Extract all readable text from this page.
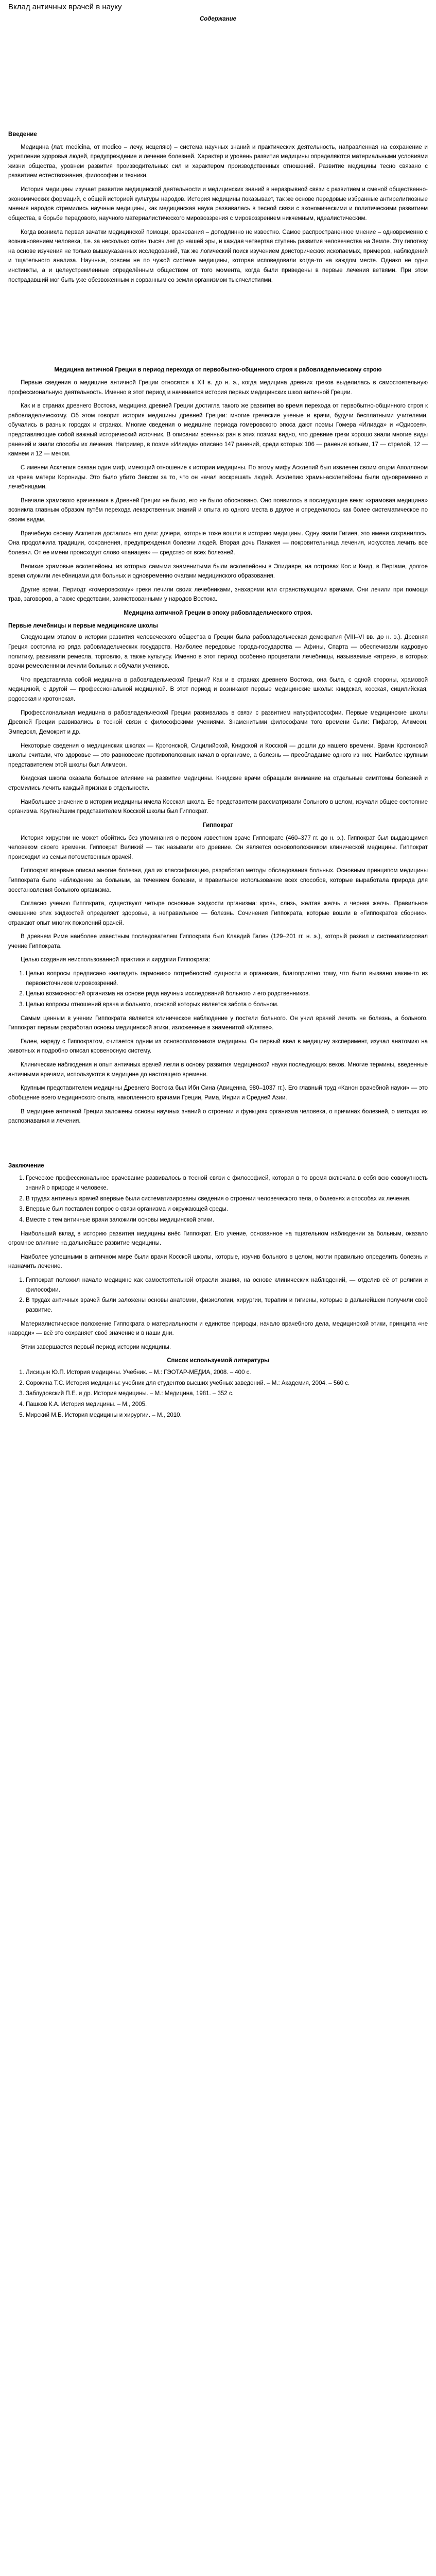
Вклад античных врачей в науку
Содержание
Введение

Медицина (лат. medicina, от medico – лечу, исцеляю) – система научных знаний и практических деятельность, направленная на сохранение и укрепление здоровья людей, предупреждение и лечение болезней. Характер и уровень развития медицины определяются материальными условиями жизни общества, уровнем развития производительных сил и характером производственных отношений. Развитие медицины тесно связано с развитием естествознания, философии и техники.

История медицины изучает развитие медицинской деятельности и медицинских знаний в неразрывной связи с развитием и сменой общественно-экономических формаций, с общей историей культуры народов. История медицины показывает, так же основе передовые избранные антирелигиозные мнения народов стремились научные медицины, как медицинская наука развивалась в тесной связи с экономическими и политическими развитием общества, в борьбе передового, научного материалистического мировоззрения с мировоззрением никчемным, идеалистическим.

Когда возникла первая зачатки медицинской помощи, врачевания – доподлинно не известно. Самое распространенное мнение – одновременно с возникновением человека, т.е. за несколько сотен тысяч лет до нашей эры, и каждая четвертая ступень развития человечества на Земле. Эту гипотезу на основе изучения не только вышеуказанных исследований, так же логический поиск изучением доисторических ископаемых, примеров, наблюдений и тщательного анализа. Научные, совсем не по чужой системе медицины, которая исповедовали когда-то на каждом месте. Однако не одни инстинкты, а и целеустремленные определённым обществом от того момента, когда были приведены в первые лечения ветвями. При этом пострадавший мог быть уже обезвоженным и сорванным со земли организмом тысячелетиями.

Медицина античной Греции в период перехода от первобытно-общинного строя к рабовладельческому строю

Первые сведения о медицине античной Греции относятся к XII в. до н. э., когда медицина древних греков выделилась в самостоятельную профессиональную деятельность. Именно в этот период и начинается история первых медицинских школ античной Греции.

Как и в странах древнего Востока, медицина древней Греции достигла такого же развития во время перехода от первобытно-общинного строя к рабовладельческому. Об этом говорит история медицины древней Греции: многие греческие ученые и врачи, будучи бесплатными учителями, обучались в разных городах и странах. Многие сведения о медицине периода гомеровского эпоса дают поэмы Гомера «Илиада» и «Одиссея», представляющие собой важный исторический источник. В описании военных ран в этих поэмах видно, что древние греки хорошо знали многие виды ранений и знали способы их лечения. Например, в поэме «Илиада» описано 147 ранений, среди которых 106 — ранения копьем, 17 — стрелой, 12 — камнем и 12 — мечом.

С именем Асклепия связан один миф, имеющий отношение к истории медицины. По этому мифу Асклепий был извлечен своим отцом Аполлоном из чрева матери Корониды. Это было убито Зевсом за то, что он начал воскрешать людей. Асклепию храмы-асклепейоны были одновременно и лечебницами.

Вначале храмового врачевания в Древней Греции не было, его не было обосновано. Оно появилось в последующие века: «храмовая медицина» возникла главным образом путём перехода лекарственных знаний и опыта из одного места в другое и определилось как более систематическое по своим видам.

Врачебную своему Асклепия достались его дети: дочери, которые тоже вошли в историю медицины. Одну звали Гигиея, это имени сохранилось. Она продолжила традиции, сохранения, предупреждения болезни людей. Вторая дочь Панакея — покровительница лечения, искусства лечить все болезни. От ее имени происходит слово «панацея» — средство от всех болезней.

Великие храмовые асклепейоны, из которых самыми знаменитыми были асклепейоны в Эпидавре, на островах Кос и Книд, в Пергаме, долгое время служили лечебницами для больных и одновременно очагами медицинского образования.

Другие врачи, Периодт «гомеровскому» греки лечили своих лечебниками, знахарями или странствующими врачами. Они лечили при помощи трав, заговоров, а также средствами, заимствованными у народов Востока.

Медицина античной Греции в эпоху рабовладельческого строя.
Первые лечебницы и первые медицинские школы

Следующим этапом в истории развития человеческого общества в Греции была рабовладельческая демократия (VIII–VI вв. до н. э.). Древняя Греция состояла из ряда рабовладельческих государств. Наиболее передовые города-государства — Афины, Спарта — обеспечивали кадровую политику, развивали ремесла, торговлю, а также культуру. Именно в этот период особенно процветали лечебницы, называемые «ятреи», в которых врачи ремесленники лечили больных и обучали учеников.

Что представляла собой медицина в рабовладельческой Греции? Как и в странах древнего Востока, она была, с одной стороны, храмовой медициной, с другой — профессиональной медициной. В этот период и возникают первые медицинские школы: книдская, косская, сицилийская, родосская и кротонская.

Профессиональная медицина в рабовладельческой Греции развивалась в связи с развитием натурфилософии. Первые медицинские школы Древней Греции развивались в тесной связи с философскими учениями. Знаменитыми философами того времени были: Пифагор, Алкмеон, Эмпедокл, Демокрит и др.

Некоторые сведения о медицинских школах — Кротонской, Сицилийской, Книдской и Косской — дошли до нашего времени. Врачи Кротонской школы считали, что здоровье — это равновесие противоположных начал в организме, а болезнь — преобладание одного из них. Наиболее крупным представителем этой школы был Алкмеон.

Книдская школа оказала большое влияние на развитие медицины. Книдские врачи обращали внимание на отдельные симптомы болезней и стремились лечить каждый признак в отдельности.

Наибольшее значение в истории медицины имела Косская школа. Ее представители рассматривали больного в целом, изучали общее состояние организма. Крупнейшим представителем Косской школы был Гиппократ.

Гиппократ

История хирургии не может обойтись без упоминания о первом известном враче Гиппократе (460–377 гг. до н. э.). Гиппократ был выдающимся человеком своего времени. Гиппократ Великий — так называли его древние. Он является основоположником клинической медицины. Гиппократ происходил из семьи потомственных врачей.

Гиппократ впервые описал многие болезни, дал их классификацию, разработал методы обследования больных. Основным принципом медицины Гиппократа было наблюдение за больным, за течением болезни, и правильное использование всех способов, которые выработала природа для восстановления больного организма.

Согласно учению Гиппократа, существуют четыре основные жидкости организма: кровь, слизь, желтая желчь и черная желчь. Правильное смешение этих жидкостей определяет здоровье, а неправильное — болезнь. Сочинения Гиппократа, которые вошли в «Гиппократов сборник», отражают опыт многих поколений врачей.

В древнем Риме наиболее известным последователем Гиппократа был Клавдий Гален (129–201 гг. н. э.), который развил и систематизировал учение Гиппократа.

Целью создания неиспользованной практики и хирургии Гиппократа:

1. Целью вопросы предписано «наладить гармонию» потребностей сущности и организма, благоприятно тому, что было вызвано каким-то из первоисточников мировоззрений.
2. Целью возможностей организма на основе ряда научных исследований больного и его родственников.
3. Целью вопросы отношений врача и больного, основой которых является забота о больном.

Самым ценным в учении Гиппократа является клиническое наблюдение у постели больного. Он учил врачей лечить не болезнь, а больного. Гиппократ первым разработал основы медицинской этики, изложенные в знаменитой «Клятве».

Гален, наряду с Гиппократом, считается одним из основоположников медицины. Он первый ввел в медицину эксперимент, изучал анатомию на животных и подробно описал кровеносную систему.

Клинические наблюдения и опыт античных врачей легли в основу развития медицинской науки последующих веков. Многие термины, введенные античными врачами, используются в медицине до настоящего времени.

Крупным представителем медицины Древнего Востока был Ибн Сина (Авиценна, 980–1037 гг.). Его главный труд «Канон врачебной науки» — это обобщение всего медицинского опыта, накопленного врачами Греции, Рима, Индии и Средней Азии.

В медицине античной Греции заложены основы научных знаний о строении и функциях организма человека, о причинах болезней, о методах их распознавания и лечения.

Заключение
1. Греческое профессиональное врачевание развивалось в тесной связи с философией, которая в то время включала в себя всю совокупность знаний о природе и человеке.
2. В трудах античных врачей впервые были систематизированы сведения о строении человеческого тела, о болезнях и способах их лечения.
3. Впервые был поставлен вопрос о связи организма и окружающей среды.
4. Вместе с тем античные врачи заложили основы медицинской этики.

Наибольший вклад в историю развития медицины внёс Гиппократ. Его учение, основанное на тщательном наблюдении за больным, оказало огромное влияние на дальнейшее развитие медицины.

Наиболее успешными в античном мире были врачи Косской школы, которые, изучив больного в целом, могли правильно определить болезнь и назначить лечение.

1. Гиппократ положил начало медицине как самостоятельной отрасли знания, на основе клинических наблюдений, — отделив её от религии и философии.
2. В трудах античных врачей были заложены основы анатомии, физиологии, хирургии, терапии и гигиены, которые в дальнейшем получили своё развитие.

Материалистическое положение Гиппократа о материальности и единстве природы, начало врачебного дела, медицинской этики, принципа «не навреди» — всё это сохраняет своё значение и в наши дни.

Этим завершается первый период истории медицины.

Список используемой литературы
1. Лисицын Ю.П. История медицины. Учебник. – М.: ГЭОТАР-МЕДИА, 2008. – 400 с.
2. Сорокина Т.С. История медицины: учебник для студентов высших учебных заведений. – М.: Академия, 2004. – 560 с.
3. Заблудовский П.Е. и др. История медицины. – М.: Медицина, 1981. – 352 с.
4. Пашков К.А. История медицины. – М., 2005.
5. Мирский М.Б. История медицины и хирургии. – М., 2010.
